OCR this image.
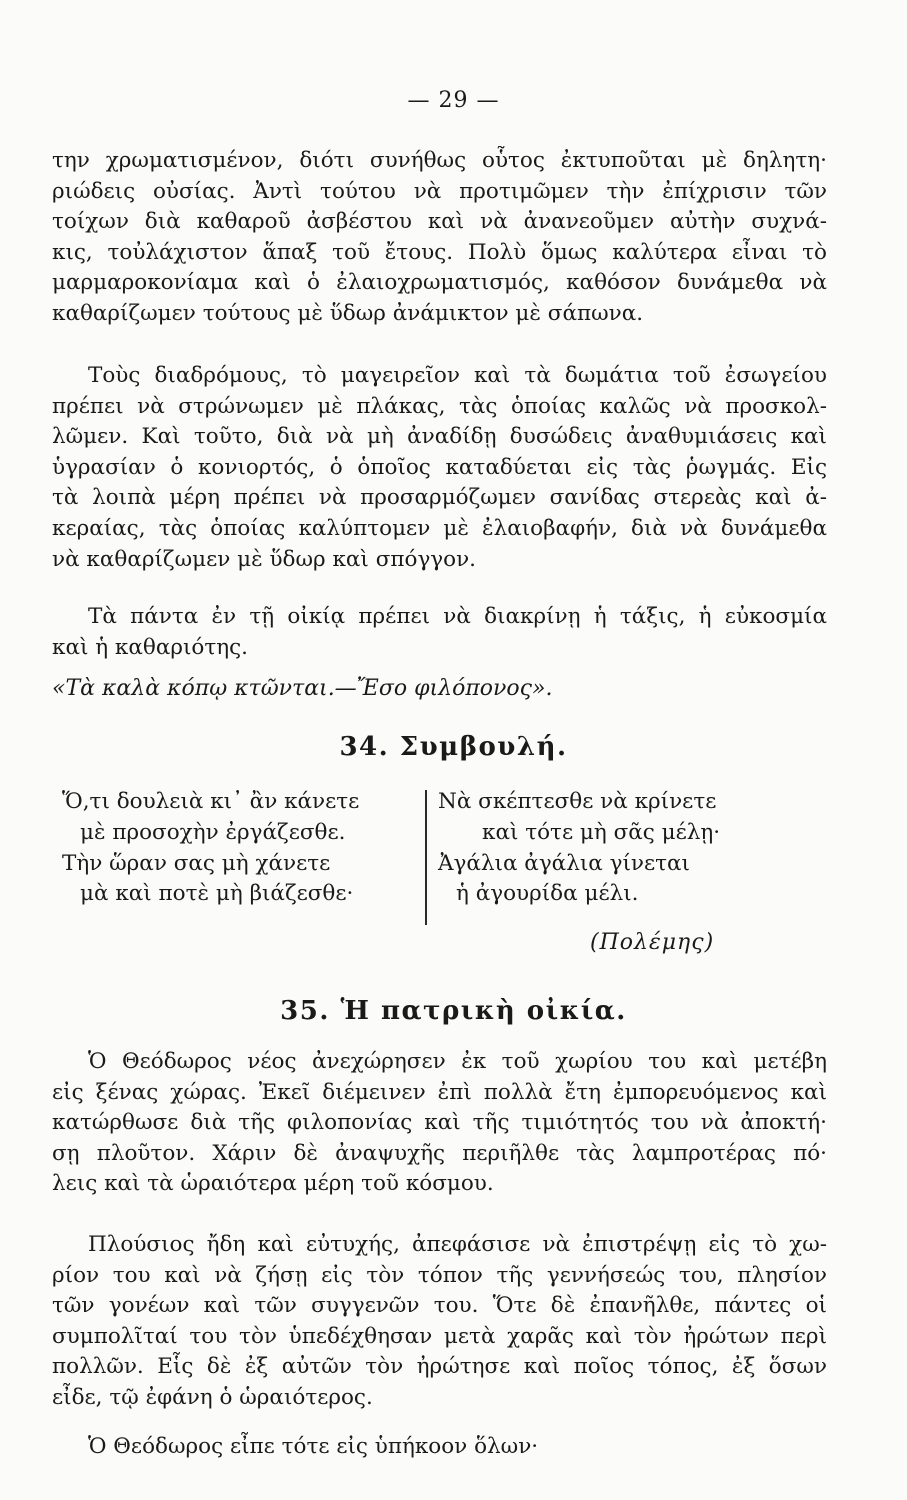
— 29 —
την χρωματισμένον, διότι συνήθως οὗτος ἐκτυποῦται μὲ δηλητη·
ριώδεις οὐσίας. Ἀντὶ τούτου νὰ προτιμῶμεν τὴν ἐπίχρισιν τῶν
τοίχων διὰ καθαροῦ ἀσβέστου καὶ νὰ ἀνανεοῦμεν αὐτὴν συχνά-
κις, τοὐλάχιστον ἅπαξ τοῦ ἔτους. Πολὺ ὅμως καλύτερα εἶναι τὸ
μαρμαροκονίαμα καὶ ὁ ἐλαιοχρωματισμός, καθόσον δυνάμεθα νὰ
καθαρίζωμεν τούτους μὲ ὕδωρ ἀνάμικτον μὲ σάπωνα.
Τοὺς διαδρόμους, τὸ μαγειρεῖον καὶ τὰ δωμάτια τοῦ ἐσωγείου
πρέπει νὰ στρώνωμεν μὲ πλάκας, τὰς ὁποίας καλῶς νὰ προσκολ-
λῶμεν. Καὶ τοῦτο, διὰ νὰ μὴ ἀναδίδῃ δυσώδεις ἀναθυμιάσεις καὶ
ὑγρασίαν ὁ κονιορτός, ὁ ὁποῖος καταδύεται εἰς τὰς ῥωγμάς. Εἰς
τὰ λοιπὰ μέρη πρέπει νὰ προσαρμόζωμεν σανίδας στερεὰς καὶ ἀ-
κεραίας, τὰς ὁποίας καλύπτομεν μὲ ἐλαιοβαφήν, διὰ νὰ δυνάμεθα
νὰ καθαρίζωμεν μὲ ὕδωρ καὶ σπόγγον.
Τὰ πάντα ἐν τῇ οἰκίᾳ πρέπει νὰ διακρίνῃ ἡ τάξις, ἡ εὐκοσμία
καὶ ἡ καθαριότης.
«Τὰ καλὰ κόπῳ κτῶνται.—Ἔσο φιλόπονος».
34. Συμβουλή.
Ὅ,τι δουλειὰ κι᾿ ἂν κάνετε
μὲ προσοχὴν ἐργάζεσθε.
Τὴν ὥραν σας μὴ χάνετε
μὰ καὶ ποτὲ μὴ βιάζεσθε·
Νὰ σκέπτεσθε νὰ κρίνετε
καὶ τότε μὴ σᾶς μέλῃ·
Ἀγάλια ἀγάλια γίνεται
ἡ ἀγουρίδα μέλι.
(Πολέμης)
35. Ἡ πατρικὴ οἰκία.
Ὁ Θεόδωρος νέος ἀνεχώρησεν ἐκ τοῦ χωρίου του καὶ μετέβη
εἰς ξένας χώρας. Ἐκεῖ διέμεινεν ἐπὶ πολλὰ ἔτη ἐμπορευόμενος καὶ
κατώρθωσε διὰ τῆς φιλοπονίας καὶ τῆς τιμιότητός του νὰ ἀποκτή·
σῃ πλοῦτον. Χάριν δὲ ἀναψυχῆς περιῆλθε τὰς λαμπροτέρας πό·
λεις καὶ τὰ ὡραιότερα μέρη τοῦ κόσμου.
Πλούσιος ἤδη καὶ εὐτυχής, ἀπεφάσισε νὰ ἐπιστρέψῃ εἰς τὸ χω-
ρίον του καὶ νὰ ζήσῃ εἰς τὸν τόπον τῆς γεννήσεώς του, πλησίον
τῶν γονέων καὶ τῶν συγγενῶν του. Ὅτε δὲ ἐπανῆλθε, πάντες οἱ
συμπολῖταί του τὸν ὑπεδέχθησαν μετὰ χαρᾶς καὶ τὸν ἠρώτων περὶ
πολλῶν. Εἷς δὲ ἐξ αὐτῶν τὸν ἠρώτησε καὶ ποῖος τόπος, ἐξ ὅσων
εἶδε, τῷ ἐφάνη ὁ ὡραιότερος.
Ὁ Θεόδωρος εἶπε τότε εἰς ὑπήκοον ὅλων·
